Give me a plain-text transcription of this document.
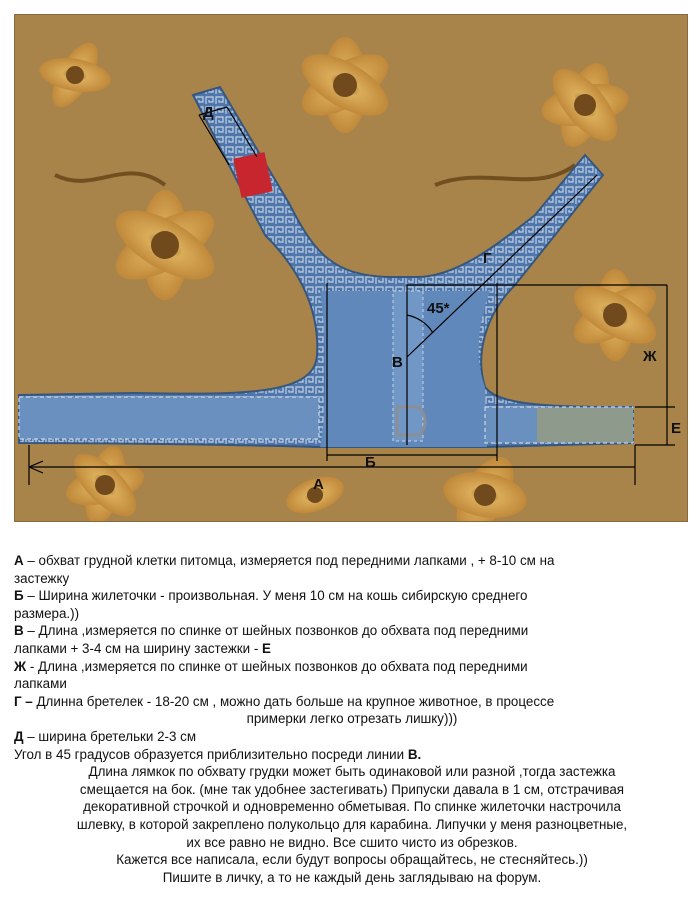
А
Б
В
Г
Д
Е
Ж
45*

А – обхват грудной клетки питомца, измеряется под передними лапками , + 8-10 см на

застежку

Б – Ширина жилеточки - произвольная. У меня 10 см на кошь сибирскую среднего

размера.))

В – Длина ,измеряется по спинке от шейных позвонков до обхвата под передними

лапками + 3-4 см на ширину застежки - Е

Ж - Длина ,измеряется по спинке от шейных позвонков до обхвата под передними

лапками

Г – Длинна бретелек - 18-20 см , можно дать больше на крупное животное, в процессе

примерки легко отрезать лишку)))

Д – ширина бретельки 2-3 см

Угол в 45 градусов образуется приблизительно посреди линии В.

Длина лямкок по обхвату грудки может быть одинаковой или разной ,тогда застежка

смещается на бок. (мне так удобнее застегивать) Припуски давала в 1 см, отстрачивая

декоративной строчкой и одновременно обметывая. По спинке жилеточки настрочила

шлевку, в которой закреплено полукольцо для карабина. Липучки у меня разноцветные,

их все равно не видно. Все сшито чисто из обрезков.

Кажется все написала, если будут вопросы обращайтесь, не стесняйтесь.))

Пишите в личку, а то не каждый день заглядываю на форум.
